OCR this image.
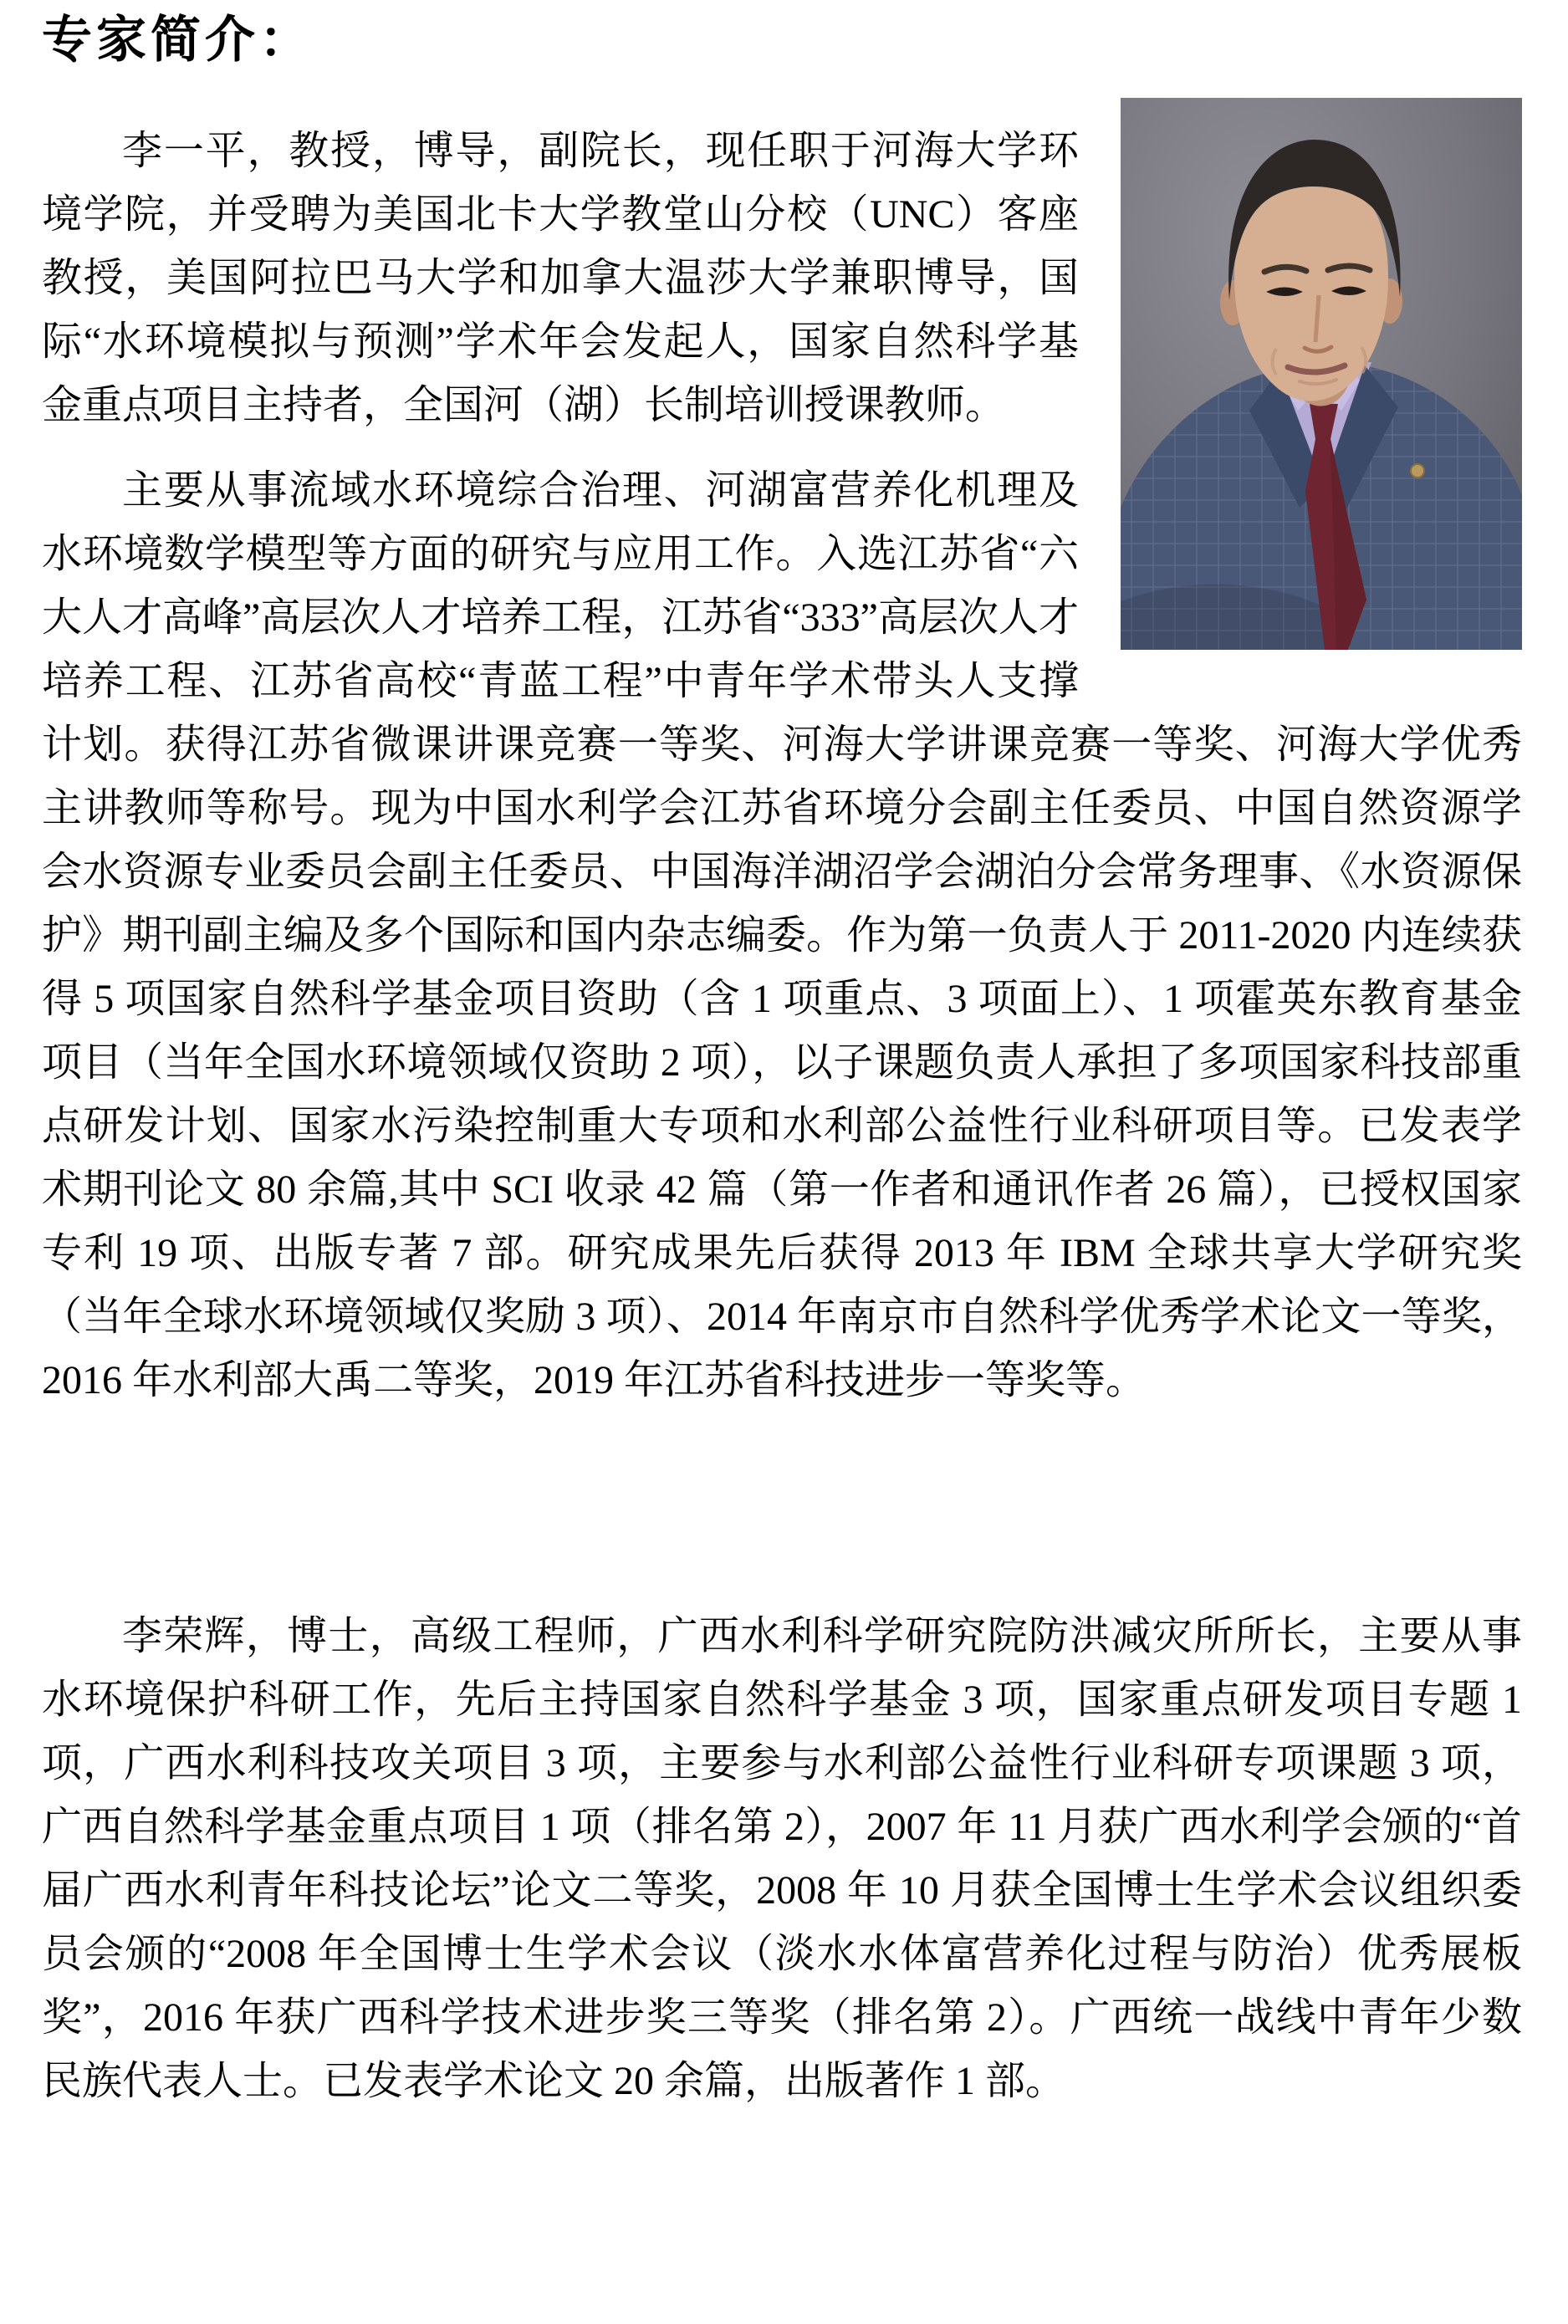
专家简介：

李一平，教授，博导，副院长，现任职于河海大学环境学院，并受聘为美国北卡大学教堂山分校（UNC）客座教授，美国阿拉巴马大学和加拿大温莎大学兼职博导，国际“水环境模拟与预测”学术年会发起人，国家自然科学基金重点项目主持者，全国河（湖）长制培训授课教师。

主要从事流域水环境综合治理、河湖富营养化机理及水环境数学模型等方面的研究与应用工作。入选江苏省“六大人才高峰”高层次人才培养工程，江苏省“333”高层次人才培养工程、江苏省高校“青蓝工程”中青年学术带头人支撑计划。获得江苏省微课讲课竞赛一等奖、河海大学讲课竞赛一等奖、河海大学优秀主讲教师等称号。现为中国水利学会江苏省环境分会副主任委员、中国自然资源学会水资源专业委员会副主任委员、中国海洋湖沼学会湖泊分会常务理事、《水资源保护》期刊副主编及多个国际和国内杂志编委。作为第一负责人于 2011-2020 内连续获得 5 项国家自然科学基金项目资助（含 1 项重点、3 项面上）、1 项霍英东教育基金项目（当年全国水环境领域仅资助 2 项），以子课题负责人承担了多项国家科技部重点研发计划、国家水污染控制重大专项和水利部公益性行业科研项目等。已发表学术期刊论文 80 余篇,其中 SCI 收录 42 篇（第一作者和通讯作者 26 篇），已授权国家专利 19 项、出版专著 7 部。研究成果先后获得 2013 年 IBM 全球共享大学研究奖（当年全球水环境领域仅奖励 3 项）、2014 年南京市自然科学优秀学术论文一等奖，2016 年水利部大禹二等奖，2019 年江苏省科技进步一等奖等。

李荣辉，博士，高级工程师，广西水利科学研究院防洪减灾所所长，主要从事水环境保护科研工作，先后主持国家自然科学基金 3 项，国家重点研发项目专题 1 项，广西水利科技攻关项目 3 项，主要参与水利部公益性行业科研专项课题 3 项，广西自然科学基金重点项目 1 项（排名第 2），2007 年 11 月获广西水利学会颁的“首届广西水利青年科技论坛”论文二等奖，2008 年 10 月获全国博士生学术会议组织委员会颁的“2008 年全国博士生学术会议（淡水水体富营养化过程与防治）优秀展板奖”，2016 年获广西科学技术进步奖三等奖（排名第 2）。广西统一战线中青年少数民族代表人士。已发表学术论文 20 余篇，出版著作 1 部。
